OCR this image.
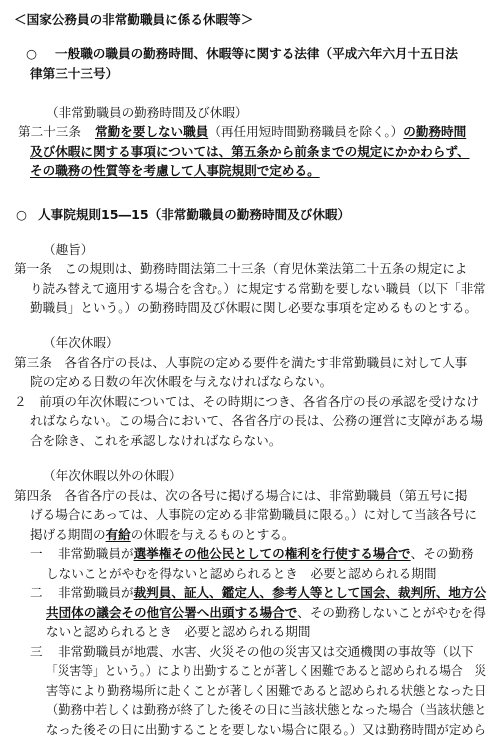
＜国家公務員の非常勤職員に係る休暇等＞
○ 一般職の職員の勤務時間、休暇等に関する法律（平成六年六月十五日法
律第三十三号）
（非常勤職員の勤務時間及び休暇）
第二十三条 常勤を要しない職員（再任用短時間勤務職員を除く。）の勤務時間
及び休暇に関する事項については、第五条から前条までの規定にかかわらず、
その職務の性質等を考慮して人事院規則で定める。
○ 人事院規則15―15（非常勤職員の勤務時間及び休暇）
（趣旨）
第一条　この規則は、勤務時間法第二十三条（育児休業法第二十五条の規定によ
り読み替えて適用する場合を含む。）に規定する常勤を要しない職員（以下「非常
勤職員」という。）の勤務時間及び休暇に関し必要な事項を定めるものとする。
（年次休暇）
第三条　各省各庁の長は、人事院の定める要件を満たす非常勤職員に対して人事
院の定める日数の年次休暇を与えなければならない。
２　前項の年次休暇については、その時期につき、各省各庁の長の承認を受けなけ
ればならない。この場合において、各省各庁の長は、公務の運営に支障がある場
合を除き、これを承認しなければならない。
（年次休暇以外の休暇）
第四条　各省各庁の長は、次の各号に掲げる場合には、非常勤職員（第五号に掲
げる場合にあっては、人事院の定める非常勤職員に限る。）に対して当該各号に
掲げる期間の有給の休暇を与えるものとする。
一 非常勤職員が選挙権その他公民としての権利を行使する場合で、その勤務
しないことがやむを得ないと認められるとき　必要と認められる期間
二 非常勤職員が裁判員、証人、鑑定人、参考人等として国会、裁判所、地方公
共団体の議会その他官公署へ出頭する場合で、その勤務しないことがやむを得
ないと認められるとき　必要と認められる期間
三 非常勤職員が地震、水害、火災その他の災害又は交通機関の事故等（以下
「災害等」という。）により出勤することが著しく困難であると認められる場合　災
害等により勤務場所に赴くことが著しく困難であると認められる状態となった日
（勤務中若しくは勤務が終了した後その日に当該状態となった場合（当該状態と
なった後その日に出勤することを要しない場合に限る。）又は勤務時間が定めら
